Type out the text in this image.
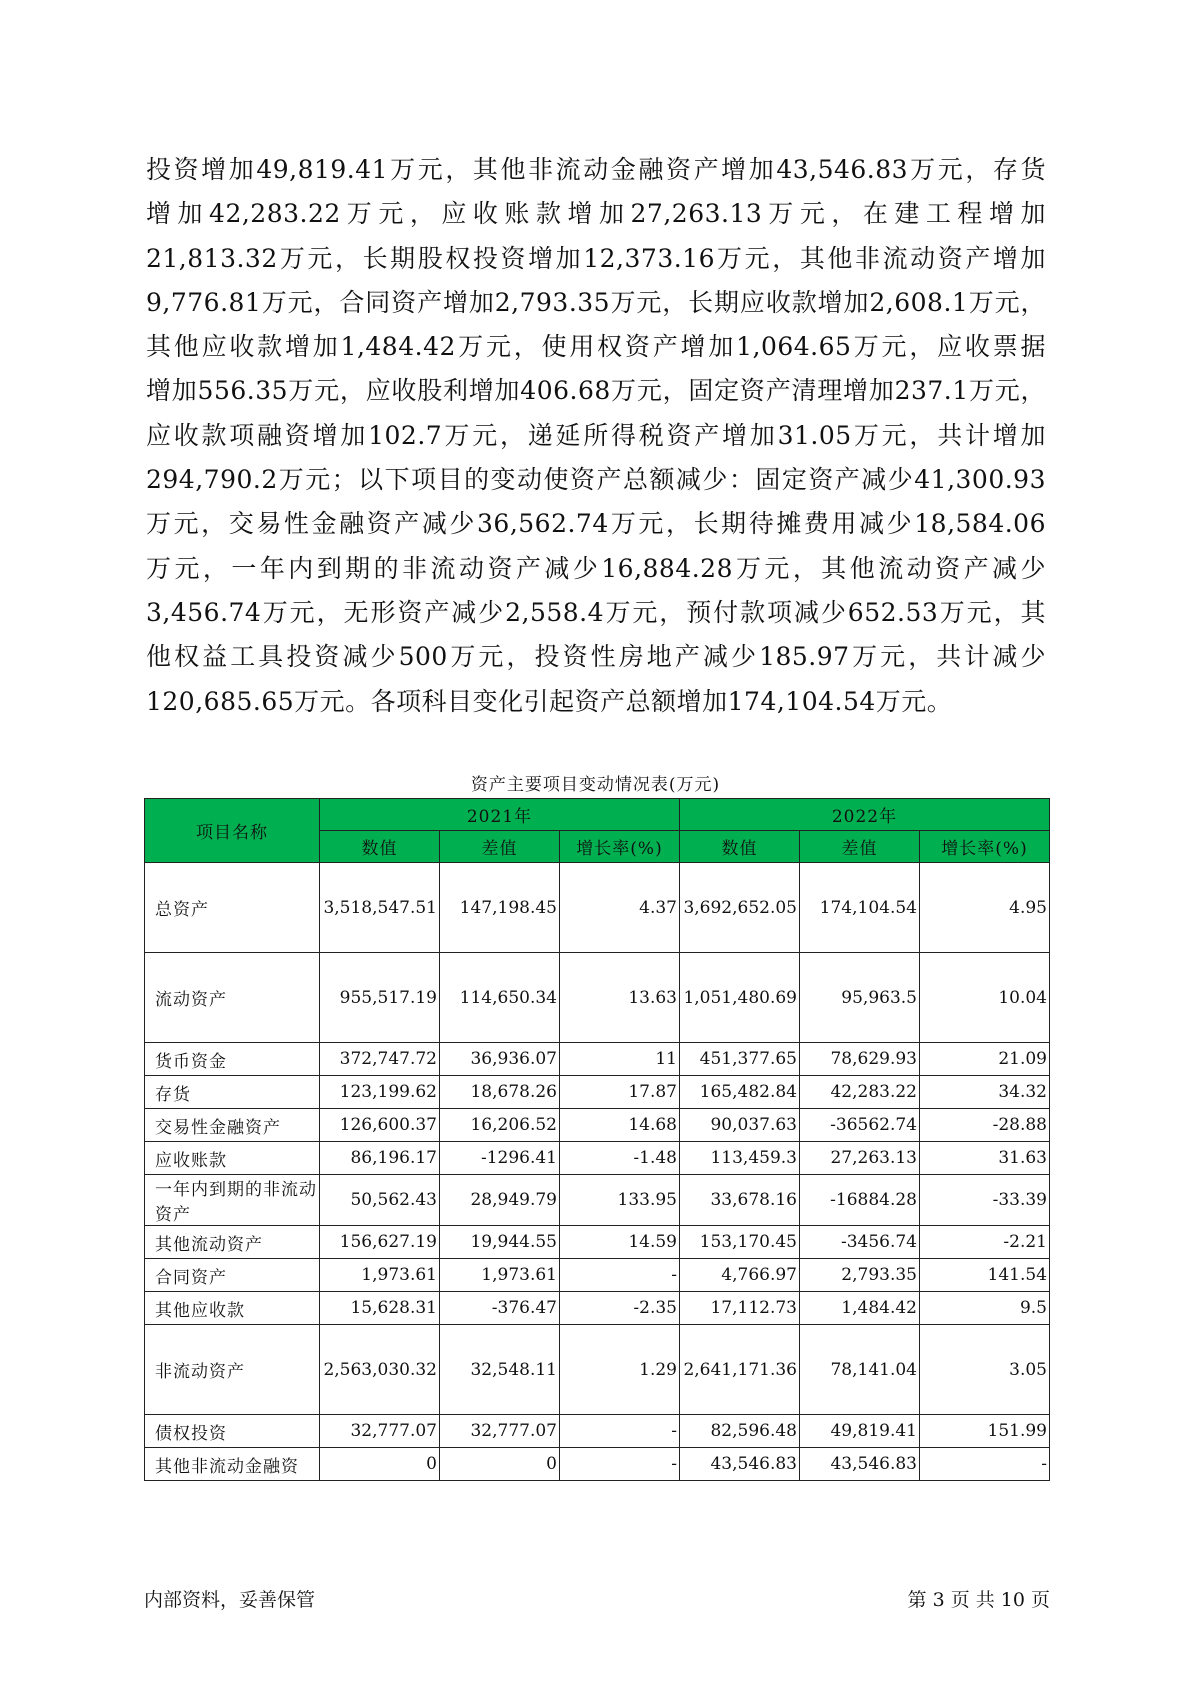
投资增加49,819.41万元，其他非流动金融资产增加43,546.83万元，存货
增加42,283.22万元，应收账款增加27,263.13万元，在建工程增加
21,813.32万元，长期股权投资增加12,373.16万元，其他非流动资产增加
9,776.81万元，合同资产增加2,793.35万元，长期应收款增加2,608.1万元，
其他应收款增加1,484.42万元，使用权资产增加1,064.65万元，应收票据
增加556.35万元，应收股利增加406.68万元，固定资产清理增加237.1万元，
应收款项融资增加102.7万元，递延所得税资产增加31.05万元，共计增加
294,790.2万元；以下项目的变动使资产总额减少：固定资产减少41,300.93
万元，交易性金融资产减少36,562.74万元，长期待摊费用减少18,584.06
万元，一年内到期的非流动资产减少16,884.28万元，其他流动资产减少
3,456.74万元，无形资产减少2,558.4万元，预付款项减少652.53万元，其
他权益工具投资减少500万元，投资性房地产减少185.97万元，共计减少
120,685.65万元。各项科目变化引起资产总额增加174,104.54万元。
资产主要项目变动情况表(万元)
项目名称	2021年			2022年		
	数值	差值	增长率(%)	数值	差值	增长率(%)
总资产	3,518,547.51	147,198.45	4.37	3,692,652.05	174,104.54	4.95
流动资产	955,517.19	114,650.34	13.63	1,051,480.69	95,963.5	10.04
货币资金	372,747.72	36,936.07	11	451,377.65	78,629.93	21.09
存货	123,199.62	18,678.26	17.87	165,482.84	42,283.22	34.32
交易性金融资产	126,600.37	16,206.52	14.68	90,037.63	-36562.74	-28.88
应收账款	86,196.17	-1296.41	-1.48	113,459.3	27,263.13	31.63
一年内到期的非流动资产	50,562.43	28,949.79	133.95	33,678.16	-16884.28	-33.39
其他流动资产	156,627.19	19,944.55	14.59	153,170.45	-3456.74	-2.21
合同资产	1,973.61	1,973.61	-	4,766.97	2,793.35	141.54
其他应收款	15,628.31	-376.47	-2.35	17,112.73	1,484.42	9.5
非流动资产	2,563,030.32	32,548.11	1.29	2,641,171.36	78,141.04	3.05
债权投资	32,777.07	32,777.07	-	82,596.48	49,819.41	151.99
其他非流动金融资	0	0	-	43,546.83	43,546.83	-
内部资料，妥善保管	第 3 页 共 10 页
